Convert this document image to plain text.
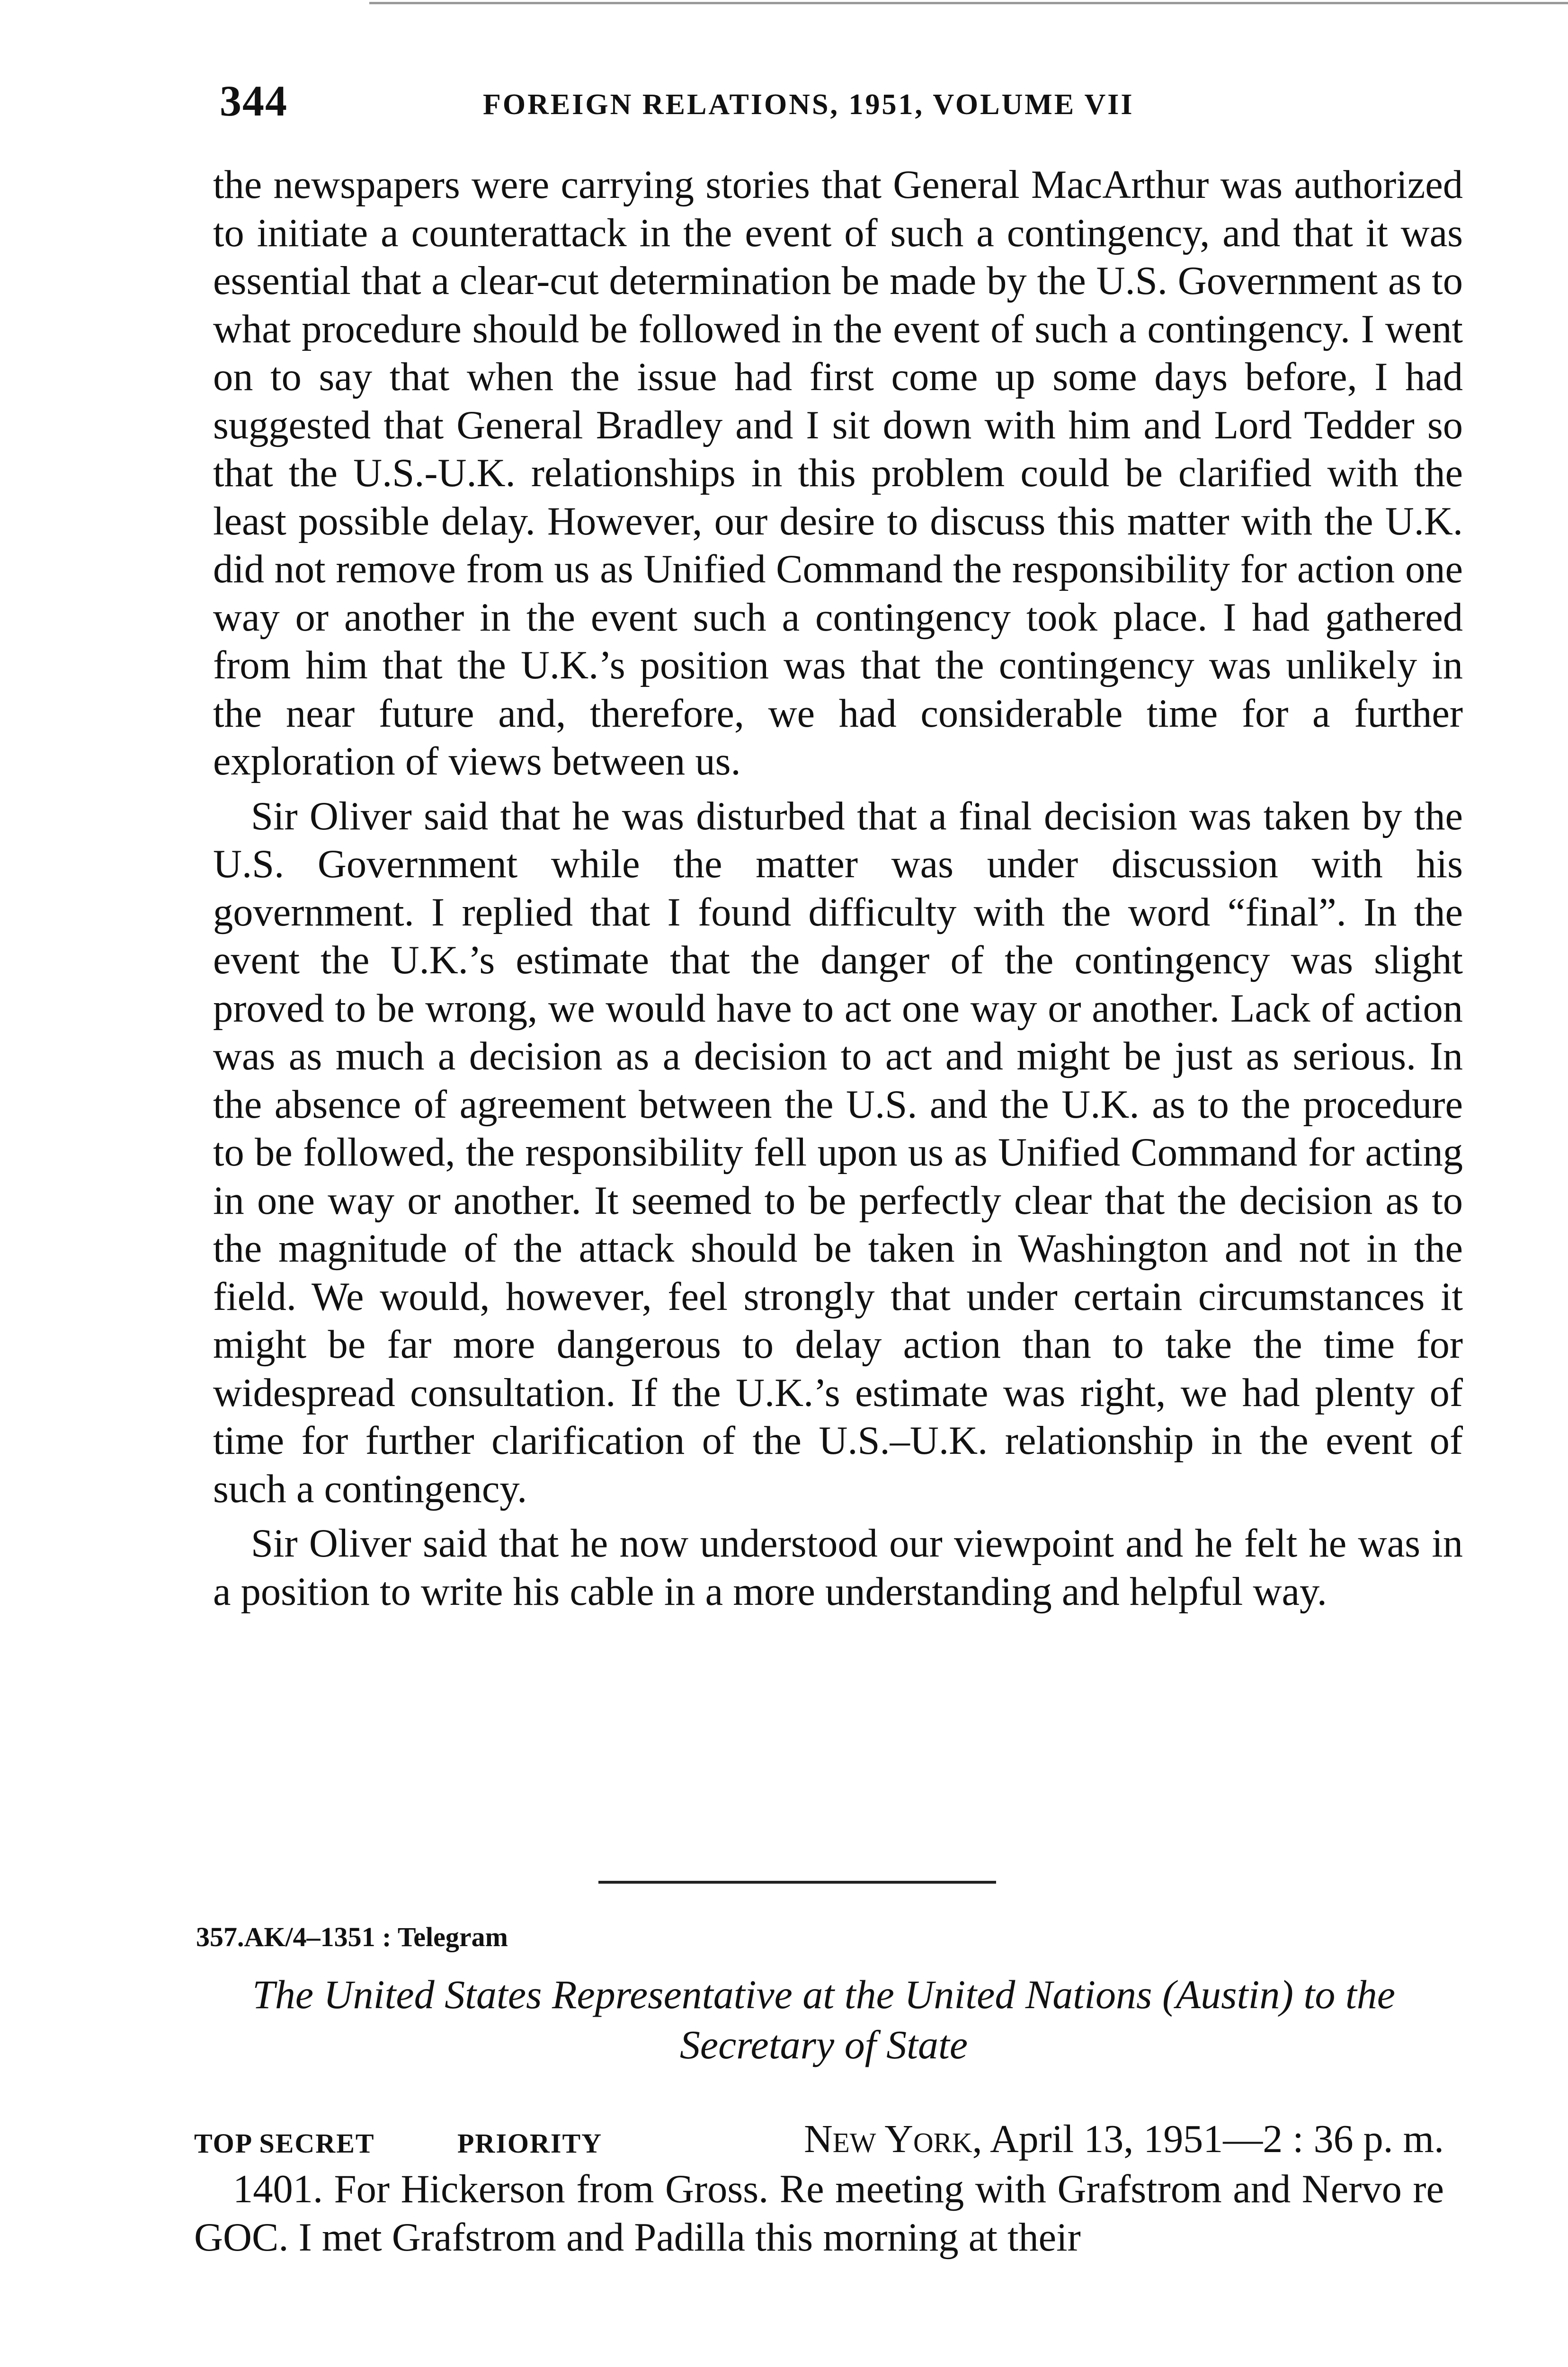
344	FOREIGN RELATIONS, 1951, VOLUME VII

the newspapers were carrying stories that General MacArthur was authorized to initiate a counterattack in the event of such a contingency, and that it was essential that a clear-cut determination be made by the U.S. Government as to what procedure should be followed in the event of such a contingency. I went on to say that when the issue had first come up some days before, I had suggested that General Bradley and I sit down with him and Lord Tedder so that the U.S.-U.K. relationships in this problem could be clarified with the least possible delay. However, our desire to discuss this matter with the U.K. did not remove from us as Unified Command the responsibility for action one way or another in the event such a contingency took place. I had gathered from him that the U.K.’s position was that the contingency was unlikely in the near future and, therefore, we had considerable time for a further exploration of views between us.

Sir Oliver said that he was disturbed that a final decision was taken by the U.S. Government while the matter was under discussion with his government. I replied that I found difficulty with the word “final”. In the event the U.K.’s estimate that the danger of the contingency was slight proved to be wrong, we would have to act one way or another. Lack of action was as much a decision as a decision to act and might be just as serious. In the absence of agreement between the U.S. and the U.K. as to the procedure to be followed, the responsibility fell upon us as Unified Command for acting in one way or another. It seemed to be perfectly clear that the decision as to the magnitude of the attack should be taken in Washington and not in the field. We would, however, feel strongly that under certain circumstances it might be far more dangerous to delay action than to take the time for widespread consultation. If the U.K.’s estimate was right, we had plenty of time for further clarification of the U.S.–U.K. relationship in the event of such a contingency.

Sir Oliver said that he now understood our viewpoint and he felt he was in a position to write his cable in a more understanding and helpful way.

357.AK/4–1351 : Telegram
The United States Representative at the United Nations (Austin) to the Secretary of State
TOP SECRET	PRIORITY	New York, April 13, 1951—2 : 36 p. m.

1401. For Hickerson from Gross. Re meeting with Grafstrom and Nervo re GOC. I met Grafstrom and Padilla this morning at their
